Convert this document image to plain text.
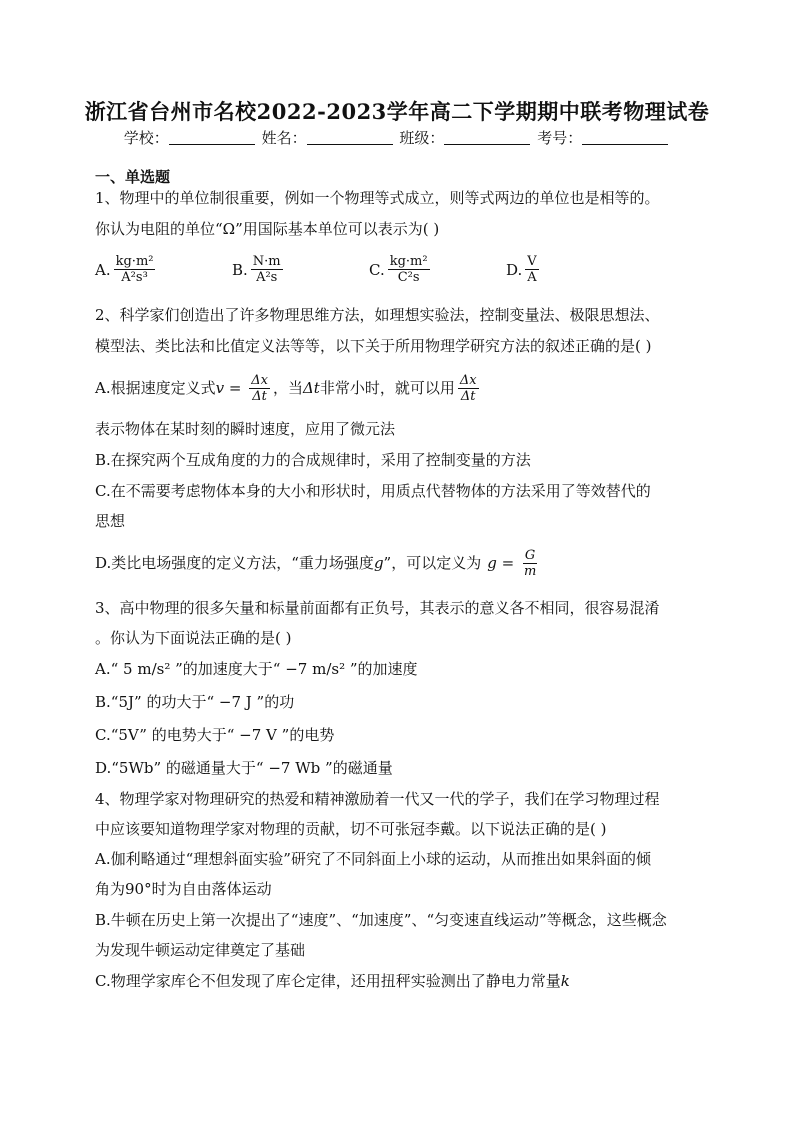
浙江省台州市名校2022-2023学年高二下学期期中联考物理试卷
学校：	姓名：	班级：	考号：
一、单选题
1、物理中的单位制很重要，例如一个物理等式成立，则等式两边的单位也是相等的。
你认为电阻的单位“Ω”用国际基本单位可以表示为( )
A. $\frac{\text{kg·m²}}{\text{A²s³}}$	B. $\frac{N\cdot m}{\text{A²s}}$	C. $\frac{\text{kg·m²}}{\text{C²s}}$	D. $\frac{V}{A}$
2、科学家们创造出了许多物理思维方法，如理想实验法，控制变量法、极限思想法、
模型法、类比法和比值定义法等等，以下关于所用物理学研究方法的叙述正确的是( )
A.根据速度定义式 $v = \frac{\Delta x}{\Delta t}$ ，当 Δt 非常小时，就可以用 $\frac{\Delta x}{\Delta t}$
表示物体在某时刻的瞬时速度，应用了微元法
B.在探究两个互成角度的力的合成规律时，采用了控制变量的方法
C.在不需要考虑物体本身的大小和形状时，用质点代替物体的方法采用了等效替代的
思想
D.类比电场强度的定义方法，“重力场强度 g ”，可以定义为 $g = \frac{G}{m}$
3、高中物理的很多矢量和标量前面都有正负号，其表示的意义各不相同，很容易混淆
。你认为下面说法正确的是( )
A.“ 5 m/s² ”的加速度大于“ −7 m/s² ”的加速度
B.“5J” 的功大于“ −7 J ”的功
C.“5V” 的电势大于“ −7 V ”的电势
D.“5Wb” 的磁通量大于“ −7 Wb ”的磁通量
4、物理学家对物理研究的热爱和精神激励着一代又一代的学子，我们在学习物理过程
中应该要知道物理学家对物理的贡献，切不可张冠李戴。以下说法正确的是( )
A.伽利略通过“理想斜面实验”研究了不同斜面上小球的运动，从而推出如果斜面的倾
角为90°时为自由落体运动
B.牛顿在历史上第一次提出了“速度”、“加速度”、“匀变速直线运动”等概念，这些概念
为发现牛顿运动定律奠定了基础
C.物理学家库仑不但发现了库仑定律，还用扭秤实验测出了静电力常量k
